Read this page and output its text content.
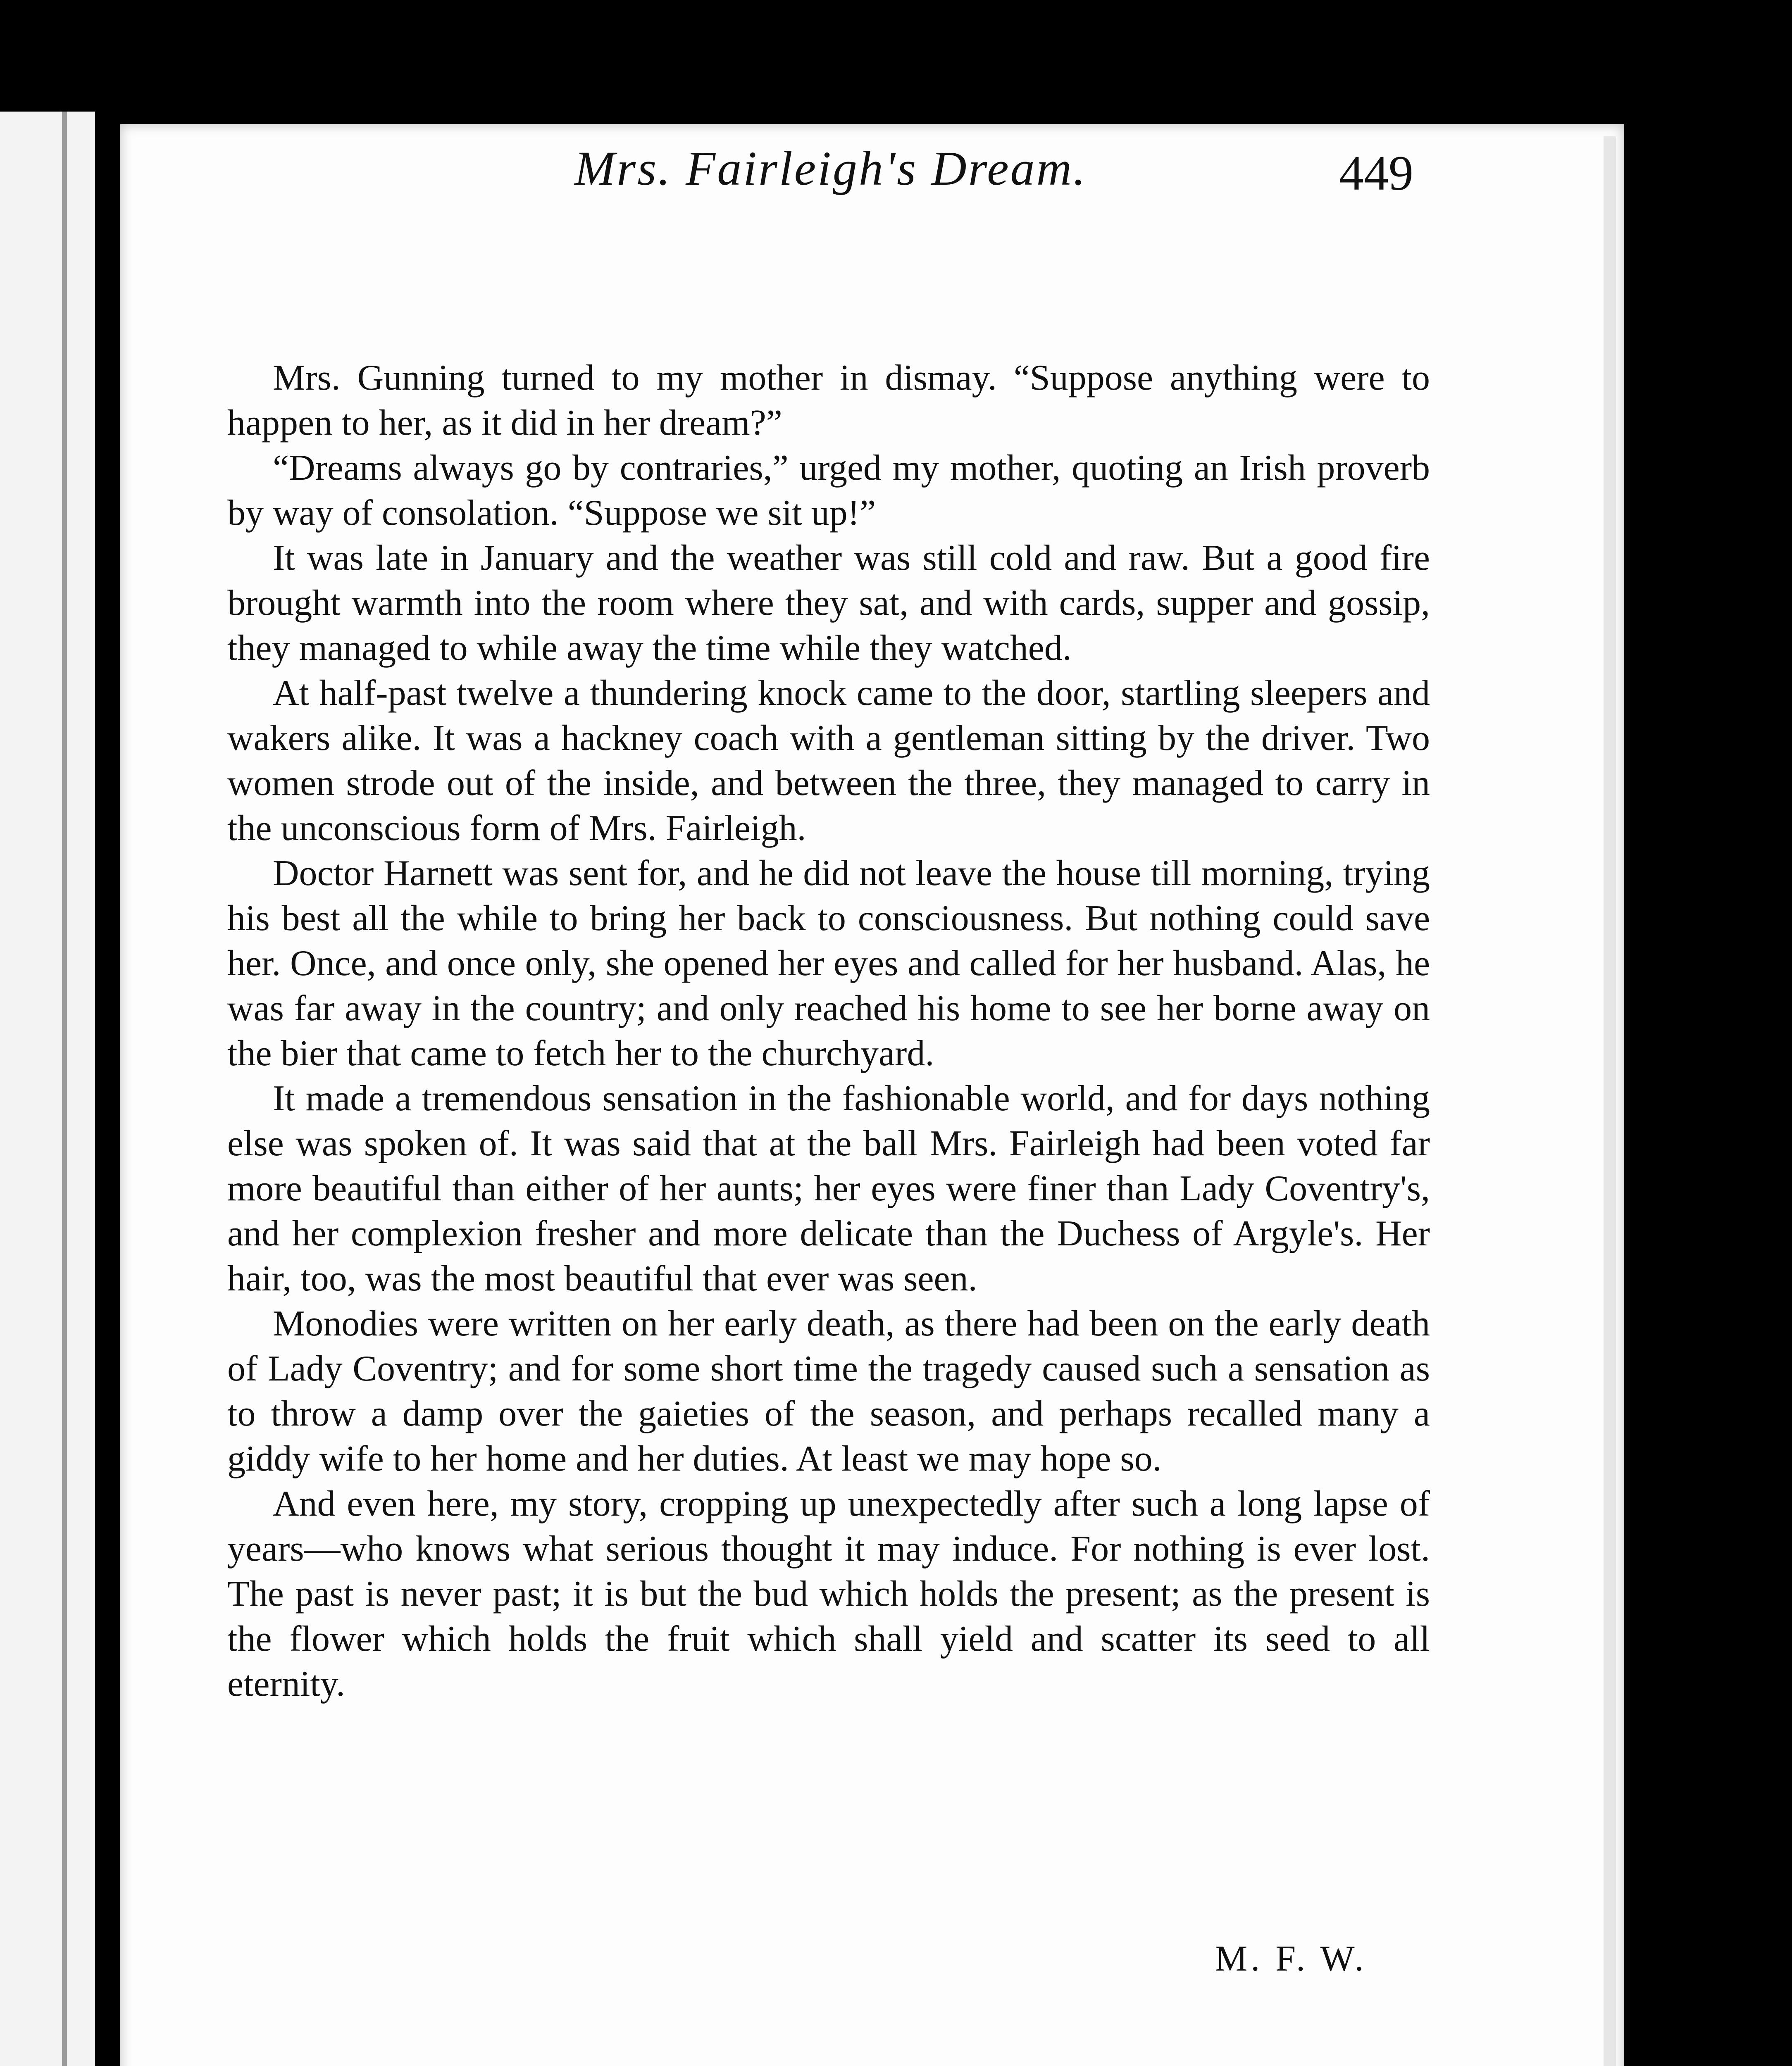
Mrs. Fairleigh's Dream.	449

Mrs. Gunning turned to my mother in dismay. “Suppose anything were to happen to her, as it did in her dream?”

“Dreams always go by contraries,” urged my mother, quoting an Irish proverb by way of consolation. “Suppose we sit up!”

It was late in January and the weather was still cold and raw. But a good fire brought warmth into the room where they sat, and with cards, supper and gossip, they managed to while away the time while they watched.

At half-past twelve a thundering knock came to the door, startling sleepers and wakers alike. It was a hackney coach with a gentleman sitting by the driver. Two women strode out of the inside, and between the three, they managed to carry in the unconscious form of Mrs. Fairleigh.

Doctor Harnett was sent for, and he did not leave the house till morning, trying his best all the while to bring her back to consciousness. But nothing could save her. Once, and once only, she opened her eyes and called for her husband. Alas, he was far away in the country; and only reached his home to see her borne away on the bier that came to fetch her to the churchyard.

It made a tremendous sensation in the fashionable world, and for days nothing else was spoken of. It was said that at the ball Mrs. Fairleigh had been voted far more beautiful than either of her aunts; her eyes were finer than Lady Coventry's, and her complexion fresher and more delicate than the Duchess of Argyle's. Her hair, too, was the most beautiful that ever was seen.

Monodies were written on her early death, as there had been on the early death of Lady Coventry; and for some short time the tragedy caused such a sensation as to throw a damp over the gaieties of the season, and perhaps recalled many a giddy wife to her home and her duties. At least we may hope so.

And even here, my story, cropping up unexpectedly after such a long lapse of years—who knows what serious thought it may induce. For nothing is ever lost. The past is never past; it is but the bud which holds the present; as the present is the flower which holds the fruit which shall yield and scatter its seed to all eternity.

M. F. W.
